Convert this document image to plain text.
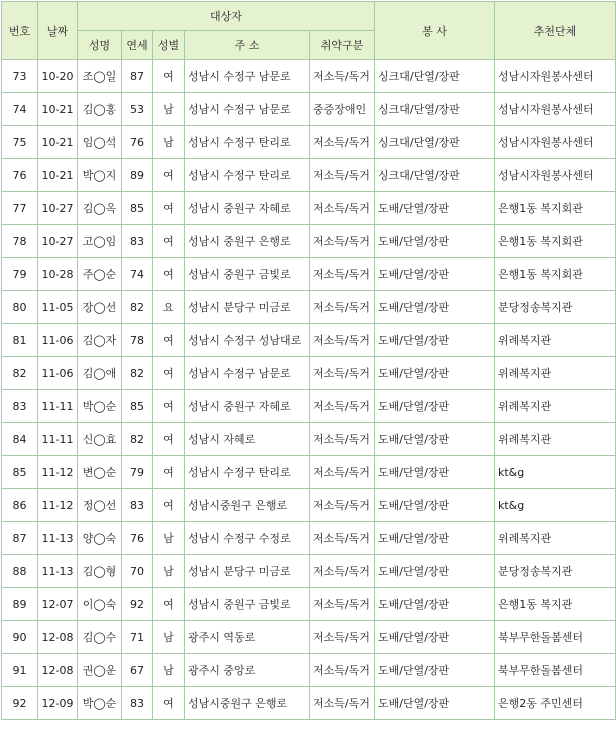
번호	날짜	대상자					봉 사	추천단체
		성명	연세	성별	주 소	취약구분		
73	10-20	조◯일	87	여	성남시 수정구 남문로	저소득/독거	싱크대/단열/장판	성남시자원봉사센터
74	10-21	김◯홍	53	남	성남시 수정구 남문로	중증장애인	싱크대/단열/장판	성남시자원봉사센터
75	10-21	임◯석	76	남	성남시 수정구 탄리로	저소득/독거	싱크대/단열/장판	성남시자원봉사센터
76	10-21	박◯지	89	여	성남시 수정구 탄리로	저소득/독거	싱크대/단열/장판	성남시자원봉사센터
77	10-27	김◯옥	85	여	성남시 중원구 자혜로	저소득/독거	도배/단열/장판	은행1동 복지회관
78	10-27	고◯임	83	여	성남시 중원구 은행로	저소득/독거	도배/단열/장판	은행1동 복지회관
79	10-28	주◯순	74	여	성남시 중원구 금빛로	저소득/독거	도배/단열/장판	은행1동 복지회관
80	11-05	장◯선	82	요	성남시 분당구 미금로	저소득/독거	도배/단열/장판	분당정송복지관
81	11-06	김◯자	78	여	성남시 수정구 성남대로	저소득/독거	도배/단열/장판	위례복지관
82	11-06	김◯애	82	여	성남시 수정구 남문로	저소득/독거	도배/단열/장판	위례복지관
83	11-11	박◯순	85	여	성남시 중원구 자혜로	저소득/독거	도배/단열/장판	위례복지관
84	11-11	신◯효	82	여	성남시 자혜로	저소득/독거	도배/단열/장판	위례복지관
85	11-12	변◯순	79	여	성남시 수정구 탄리로	저소득/독거	도배/단열/장판	kt&g
86	11-12	정◯선	83	여	성남시중원구 은행로	저소득/독거	도배/단열/장판	kt&g
87	11-13	양◯숙	76	남	성남시 수정구 수정로	저소득/독거	도배/단열/장판	위례복지관
88	11-13	김◯형	70	남	성남시 분당구 미금로	저소득/독거	도배/단열/장판	분당정송복지관
89	12-07	이◯숙	92	여	성남시 중원구 금빛로	저소득/독거	도배/단열/장판	은행1동 복지관
90	12-08	김◯수	71	남	광주시 역동로	저소득/독거	도배/단열/장판	북부무한돌봄센터
91	12-08	권◯운	67	남	광주시 중앙로	저소득/독거	도배/단열/장판	북부무한돌봄센터
92	12-09	박◯순	83	여	성남시중원구 은행로	저소득/독거	도배/단열/장판	은행2동 주민센터
